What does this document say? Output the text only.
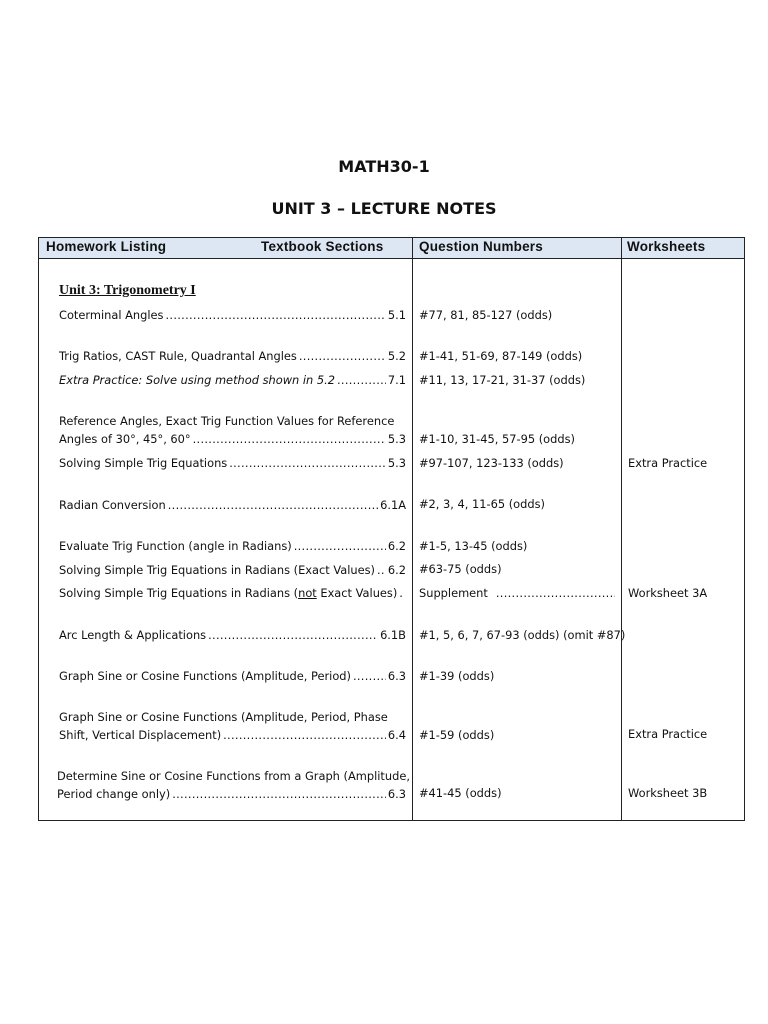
MATH30-1
UNIT 3 – LECTURE NOTES
Homework Listing	Textbook Sections	Question Numbers	Worksheets
Unit 3: Trigonometry I
Coterminal Angles .....	5.1 #77, 81, 85-127 (odds)
Trig Ratios, CAST Rule, Quadrantal Angles .....	5.2 #1-41, 51-69, 87-149 (odds)
Extra Practice: Solve using method shown in 5.2 .....	7.1 #11, 13, 17-21, 31-37 (odds)
Reference Angles, Exact Trig Function Values for Reference
Angles of 30°, 45°, 60° .....	5.3 #1-10, 31-45, 57-95 (odds)
Solving Simple Trig Equations .....	5.3 #97-107, 123-133 (odds)	Extra Practice
Radian Conversion .....	6.1A #2, 3, 4, 11-65 (odds)
Evaluate Trig Function (angle in Radians) .....	6.2 #1-5, 13-45 (odds)
Solving Simple Trig Equations in Radians (Exact Values) ..... 6.2 #63-75 (odds)
Solving Simple Trig Equations in Radians (not Exact Values) ..... Supplement .....	Worksheet 3A
Arc Length & Applications .....	6.1B #1, 5, 6, 7, 67-93 (odds) (omit #87)
Graph Sine or Cosine Functions (Amplitude, Period) .....	6.3 #1-39 (odds)
Graph Sine or Cosine Functions (Amplitude, Period, Phase
Shift, Vertical Displacement) .....	6.4 #1-59 (odds)	Extra Practice
Determine Sine or Cosine Functions from a Graph (Amplitude,
Period change only) .....	6.3 #41-45 (odds)	Worksheet 3B
